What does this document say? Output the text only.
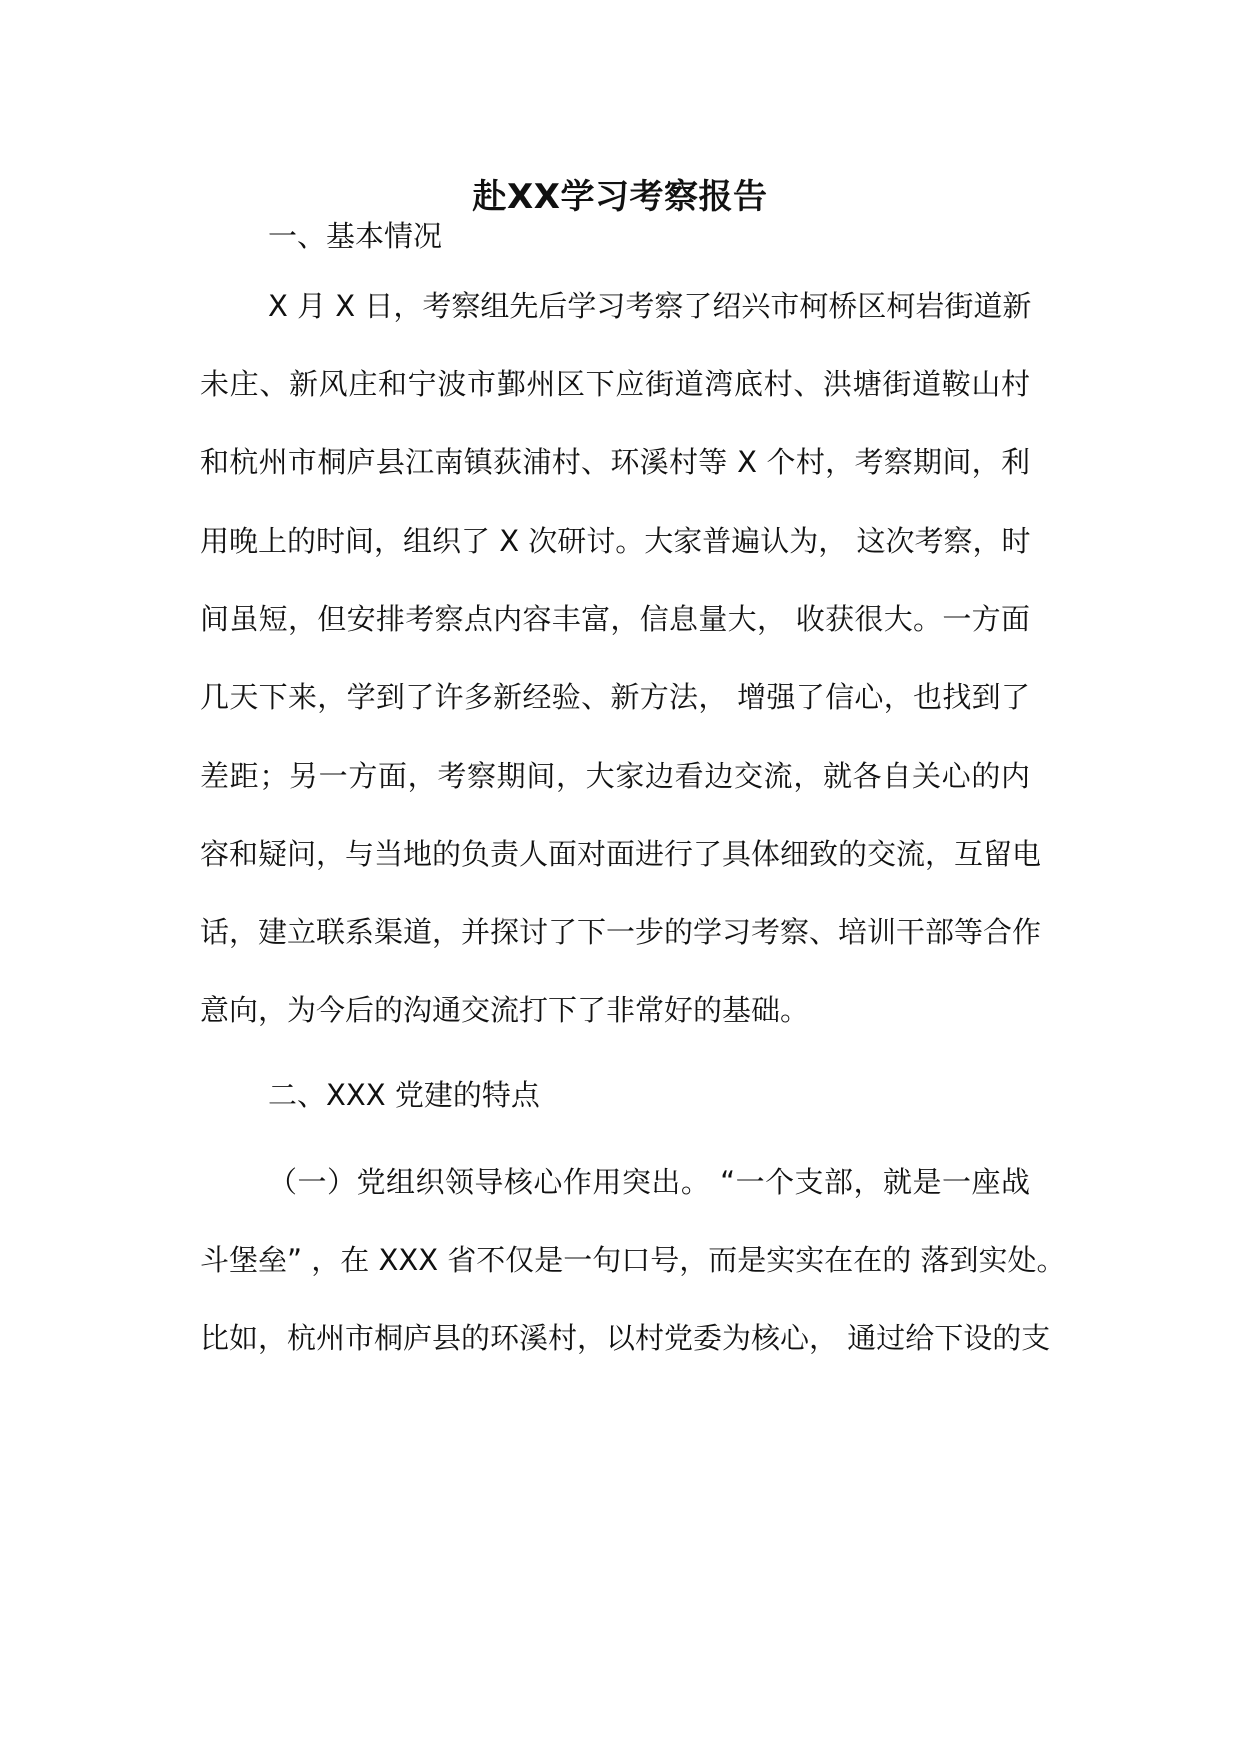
赴XX学习考察报告
一、基本情况
X 月 X 日，考察组先后学习考察了绍兴市柯桥区柯岩街道新
未庄、新风庄和宁波市鄞州区下应街道湾底村、洪塘街道鞍山村
和杭州市桐庐县江南镇荻浦村、环溪村等 X 个村，考察期间，利
用晚上的时间，组织了 X 次研讨。大家普遍认为， 这次考察，时
间虽短，但安排考察点内容丰富，信息量大， 收获很大。一方面
几天下来，学到了许多新经验、新方法， 增强了信心，也找到了
差距；另一方面，考察期间，大家边看边交流，就各自关心的内
容和疑问，与当地的负责人面对面进行了具体细致的交流，互留电
话，建立联系渠道，并探讨了下一步的学习考察、培训干部等合作
意向，为今后的沟通交流打下了非常好的基础。
二、XXX 党建的特点
（一）党组织领导核心作用突出。 “一个支部，就是一座战
斗堡垒” ，在 XXX 省不仅是一句口号，而是实实在在的 落到实处。
比如，杭州市桐庐县的环溪村，以村党委为核心， 通过给下设的支
